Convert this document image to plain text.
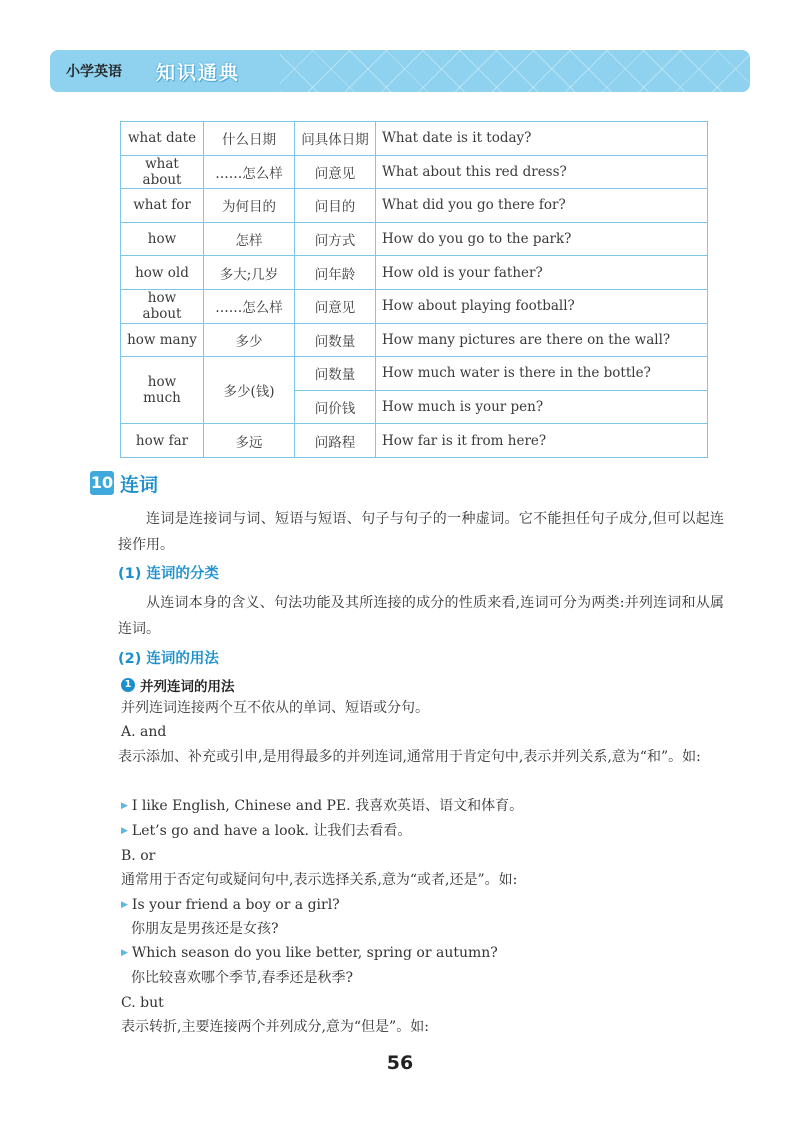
小学英语 知识通典
what date	什么日期	问具体日期	What date is it today?
what about	……怎么样	问意见	What about this red dress?
what for	为何目的	问目的	What did you go there for?
how	怎样	问方式	How do you go to the park?
how old	多大;几岁	问年龄	How old is your father?
how about	……怎么样	问意见	How about playing football?
how many	多少	问数量	How many pictures are there on the wall?
how much	多少(钱)	问数量	How much water is there in the bottle?
		问价钱	How much is your pen?
how far	多远	问路程	How far is it from here?
10 连词
连词是连接词与词、短语与短语、句子与句子的一种虚词。它不能担任句子成分,但可以起连接作用。
(1) 连词的分类
从连词本身的含义、句法功能及其所连接的成分的性质来看,连词可分为两类:并列连词和从属连词。
(2) 连词的用法
1 并列连词的用法
并列连词连接两个互不依从的单词、短语或分句。
A. and
表示添加、补充或引申,是用得最多的并列连词,通常用于肯定句中,表示并列关系,意为“和”。如:
▶ I like English, Chinese and PE. 我喜欢英语、语文和体育。
▶ Let’s go and have a look. 让我们去看看。
B. or
通常用于否定句或疑问句中,表示选择关系,意为“或者,还是”。如:
▶ Is your friend a boy or a girl?
你朋友是男孩还是女孩?
▶ Which season do you like better, spring or autumn?
你比较喜欢哪个季节,春季还是秋季?
C. but
表示转折,主要连接两个并列成分,意为“但是”。如:
56
